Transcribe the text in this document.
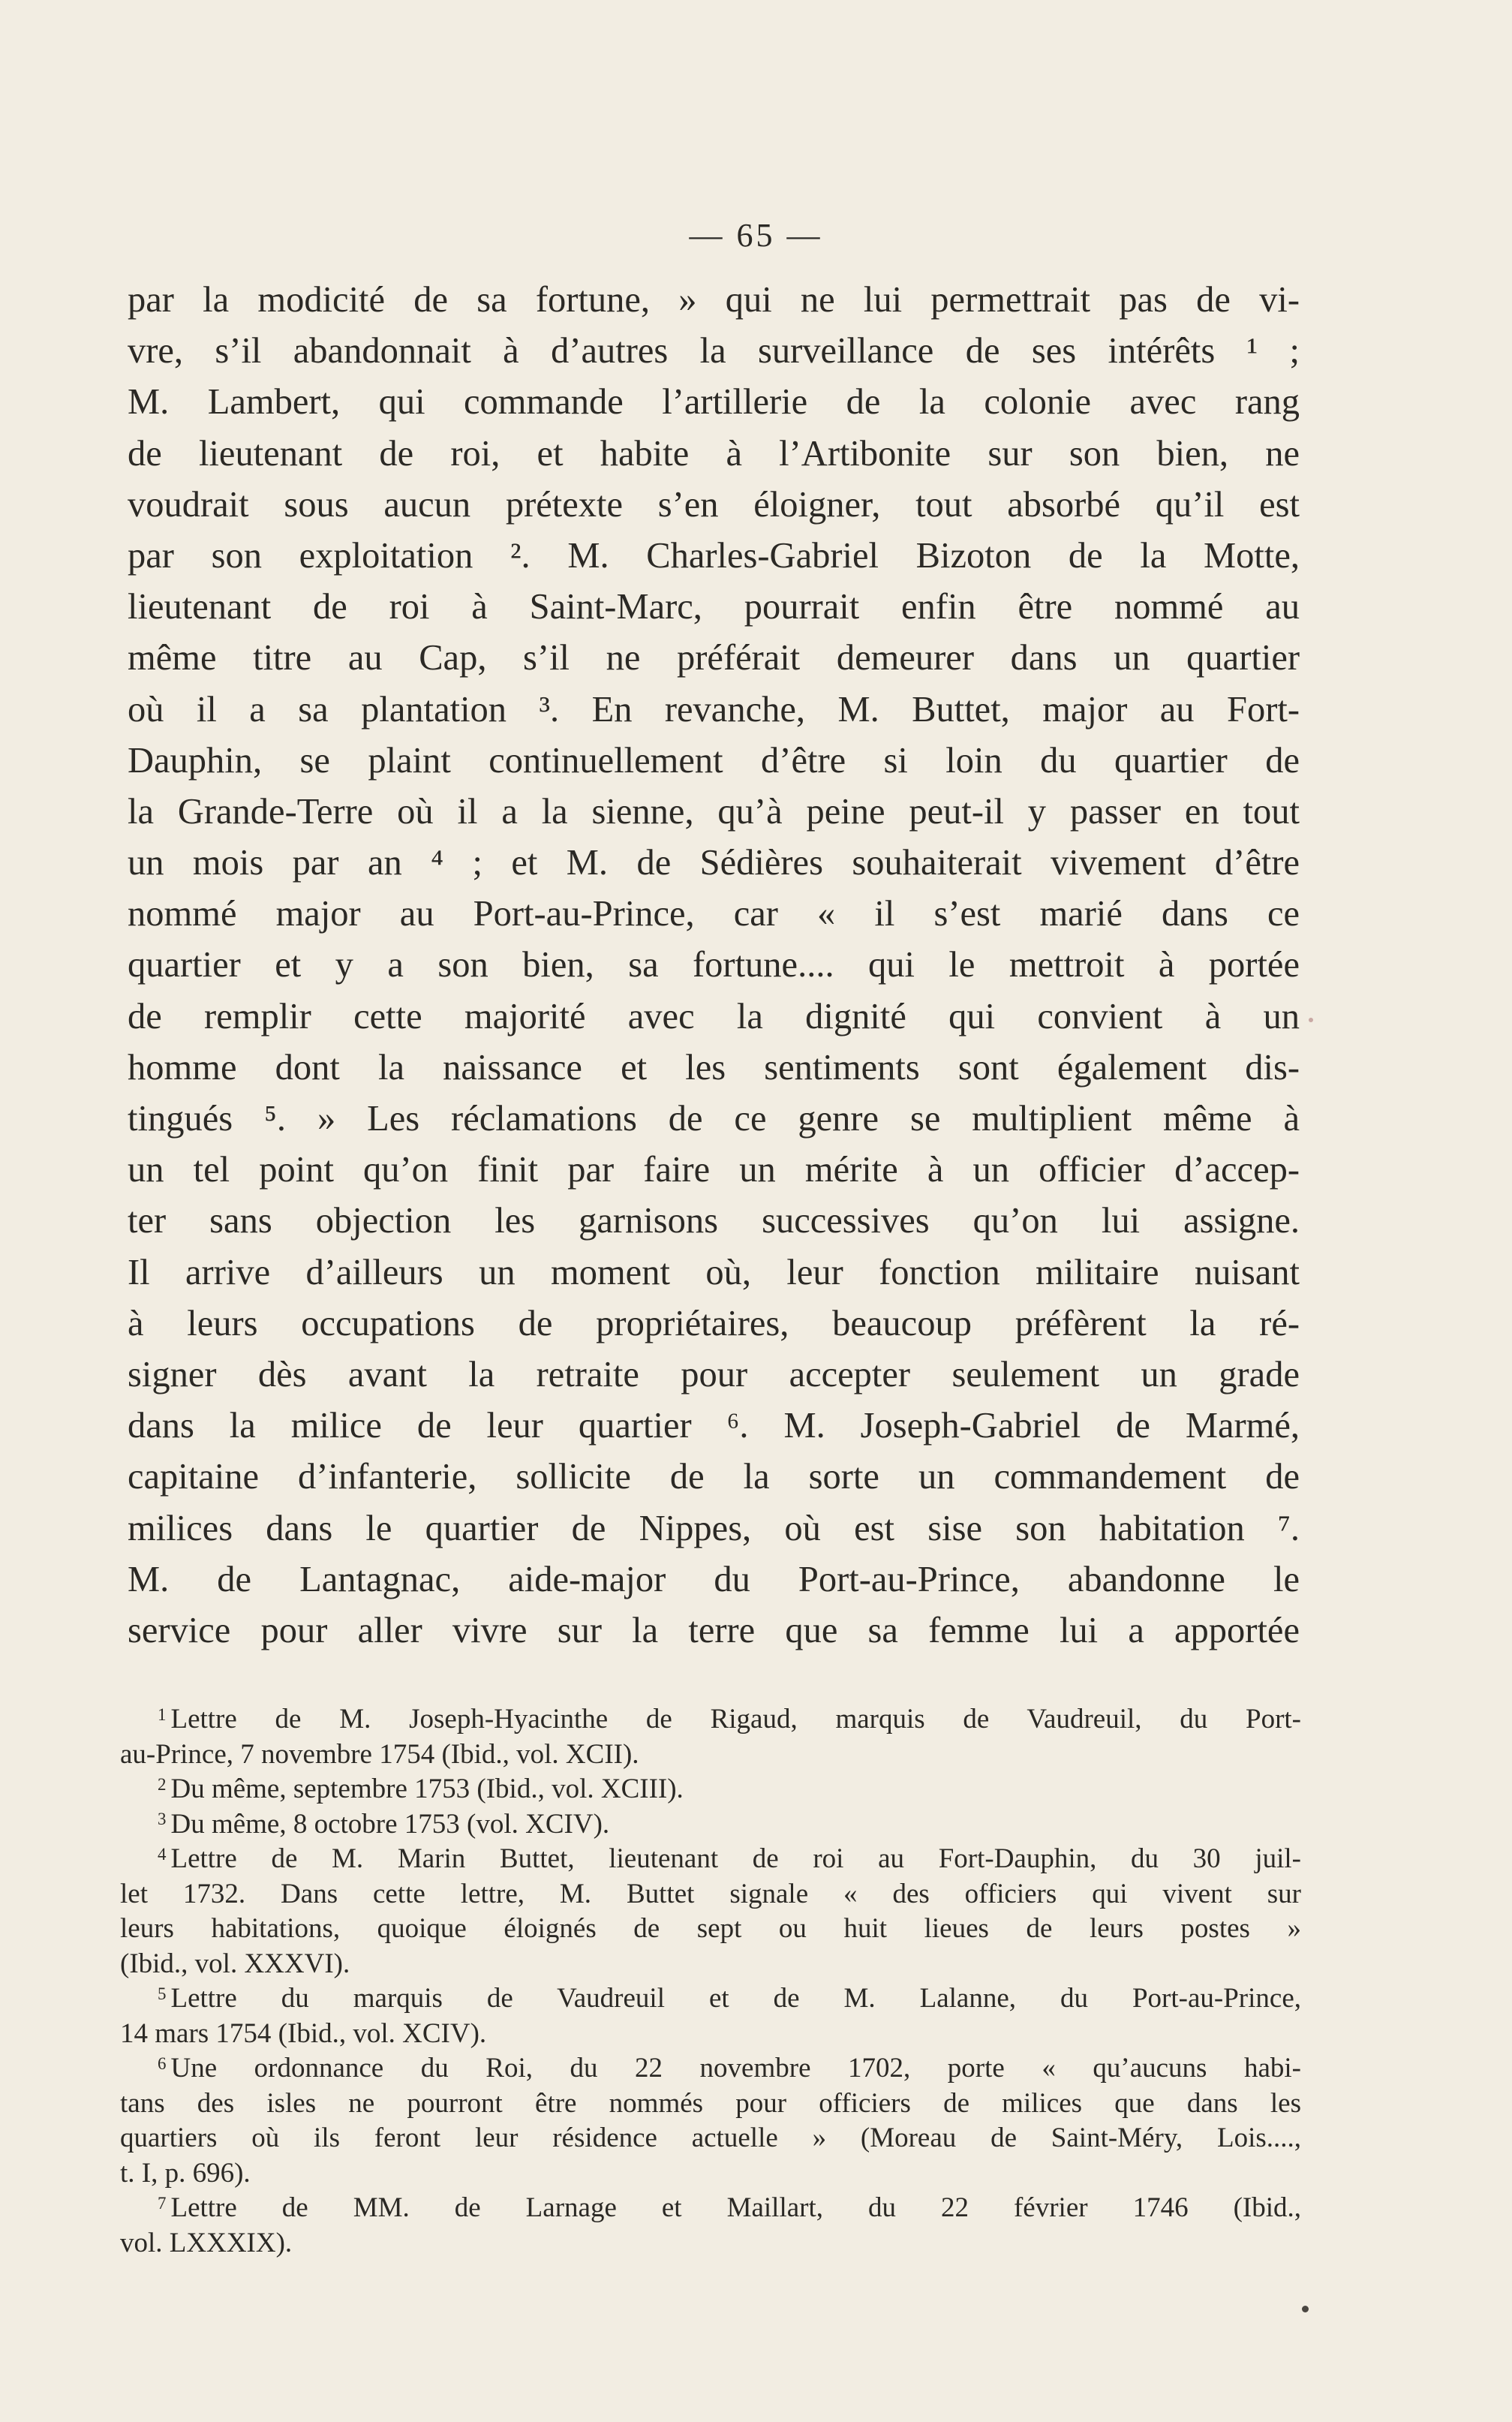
— 65 —
par la modicité de sa fortune, » qui ne lui permettrait pas de vi-
vre, s’il abandonnait à d’autres la surveillance de ses intérêts ¹ ;
M. Lambert, qui commande l’artillerie de la colonie avec rang
de lieutenant de roi, et habite à l’Artibonite sur son bien, ne
voudrait sous aucun prétexte s’en éloigner, tout absorbé qu’il est
par son exploitation ². M. Charles-Gabriel Bizoton de la Motte,
lieutenant de roi à Saint-Marc, pourrait enfin être nommé au
même titre au Cap, s’il ne préférait demeurer dans un quartier
où il a sa plantation ³. En revanche, M. Buttet, major au Fort-
Dauphin, se plaint continuellement d’être si loin du quartier de
la Grande-Terre où il a la sienne, qu’à peine peut-il y passer en tout
un mois par an ⁴ ; et M. de Sédières souhaiterait vivement d’être
nommé major au Port-au-Prince, car « il s’est marié dans ce
quartier et y a son bien, sa fortune.... qui le mettroit à portée
de remplir cette majorité avec la dignité qui convient à un
homme dont la naissance et les sentiments sont également dis-
tingués ⁵. » Les réclamations de ce genre se multiplient même à
un tel point qu’on finit par faire un mérite à un officier d’accep-
ter sans objection les garnisons successives qu’on lui assigne.
Il arrive d’ailleurs un moment où, leur fonction militaire nuisant
à leurs occupations de propriétaires, beaucoup préfèrent la ré-
signer dès avant la retraite pour accepter seulement un grade
dans la milice de leur quartier ⁶. M. Joseph-Gabriel de Marmé,
capitaine d’infanterie, sollicite de la sorte un commandement de
milices dans le quartier de Nippes, où est sise son habitation ⁷.
M. de Lantagnac, aide-major du Port-au-Prince, abandonne le
service pour aller vivre sur la terre que sa femme lui a apportée
$^1$ Lettre de M. Joseph-Hyacinthe de Rigaud, marquis de Vaudreuil, du Port-
au-Prince, 7 novembre 1754 (Ibid., vol. XCII).
$^2$ Du même, septembre 1753 (Ibid., vol. XCIII).
$^3$ Du même, 8 octobre 1753 (vol. XCIV).
$^4$ Lettre de M. Marin Buttet, lieutenant de roi au Fort-Dauphin, du 30 juil-
let 1732. Dans cette lettre, M. Buttet signale « des officiers qui vivent sur
leurs habitations, quoique éloignés de sept ou huit lieues de leurs postes »
(Ibid., vol. XXXVI).
$^5$ Lettre du marquis de Vaudreuil et de M. Lalanne, du Port-au-Prince,
14 mars 1754 (Ibid., vol. XCIV).
$^6$ Une ordonnance du Roi, du 22 novembre 1702, porte « qu’aucuns habi-
tans des isles ne pourront être nommés pour officiers de milices que dans les
quartiers où ils feront leur résidence actuelle » (Moreau de Saint-Méry, Lois....,
t. I, p. 696).
$^7$ Lettre de MM. de Larnage et Maillart, du 22 février 1746 (Ibid.,
vol. LXXXIX).
